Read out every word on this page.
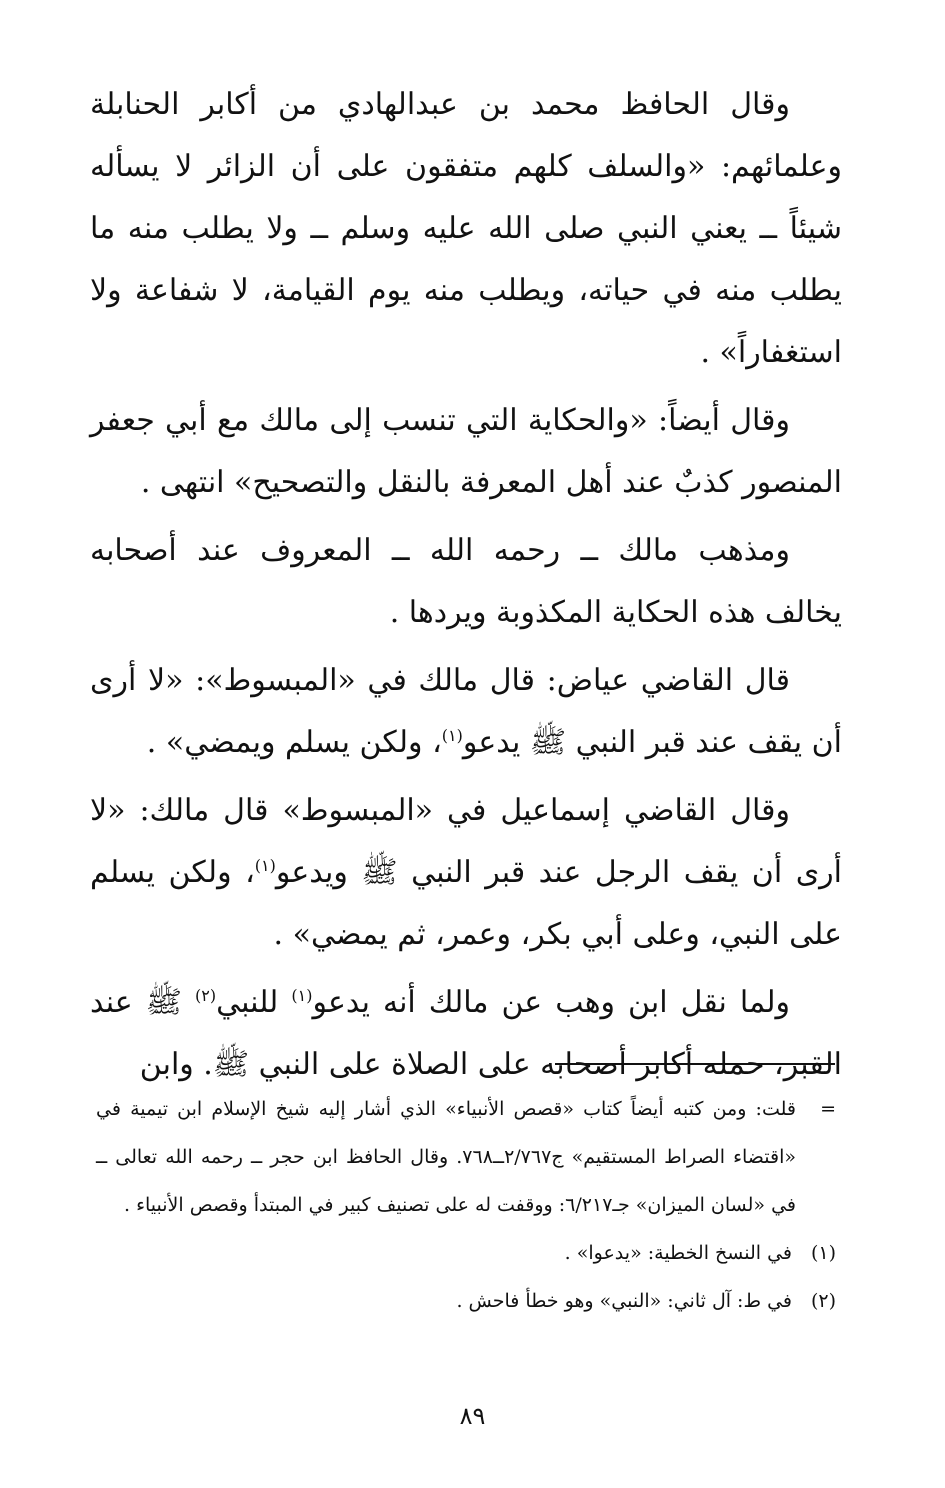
وقال الحافظ محمد بن عبدالهادي من أكابر الحنابلة وعلمائهم: «والسلف كلهم متفقون على أن الزائر لا يسأله شيئاً ــ يعني النبي صلى الله عليه وسلم ــ ولا يطلب منه ما يطلب منه في حياته، ويطلب منه يوم القيامة، لا شفاعة ولا استغفاراً» .

وقال أيضاً: «والحكاية التي تنسب إلى مالك مع أبي جعفر المنصور كذبٌ عند أهل المعرفة بالنقل والتصحيح» انتهى .

ومذهب مالك ــ رحمه الله ــ المعروف عند أصحابه يخالف هذه الحكاية المكذوبة ويردها .

قال القاضي عياض: قال مالك في «المبسوط»: «لا أرى أن يقف عند قبر النبي ﷺ يدعو$^{(١)}$، ولكن يسلم ويمضي» .

وقال القاضي إسماعيل في «المبسوط» قال مالك: «لا أرى أن يقف الرجل عند قبر النبي ﷺ ويدعو$^{(١)}$، ولكن يسلم على النبي، وعلى أبي بكر، وعمر، ثم يمضي» .

ولما نقل ابن وهب عن مالك أنه يدعو$^{(١)}$ للنبي$^{(٢)}$ ﷺ عند القبر، حمله أكابر أصحابه على الصلاة على النبي ﷺ. وابن

=
قلت: ومن كتبه أيضاً كتاب «قصص الأنبياء» الذي أشار إليه شيخ الإسلام ابن تيمية في «اقتضاء الصراط المستقيم» ج٢/٧٦٧ــ٧٦٨. وقال الحافظ ابن حجر ــ رحمه الله تعالى ــ في «لسان الميزان» جـ٦/٢١٧: ووقفت له على تصنيف كبير في المبتدأ وقصص الأنبياء .
(١)
في النسخ الخطية: «يدعوا» .
(٢)
في ط: آل ثاني: «النبي» وهو خطأ فاحش .
٨٩
